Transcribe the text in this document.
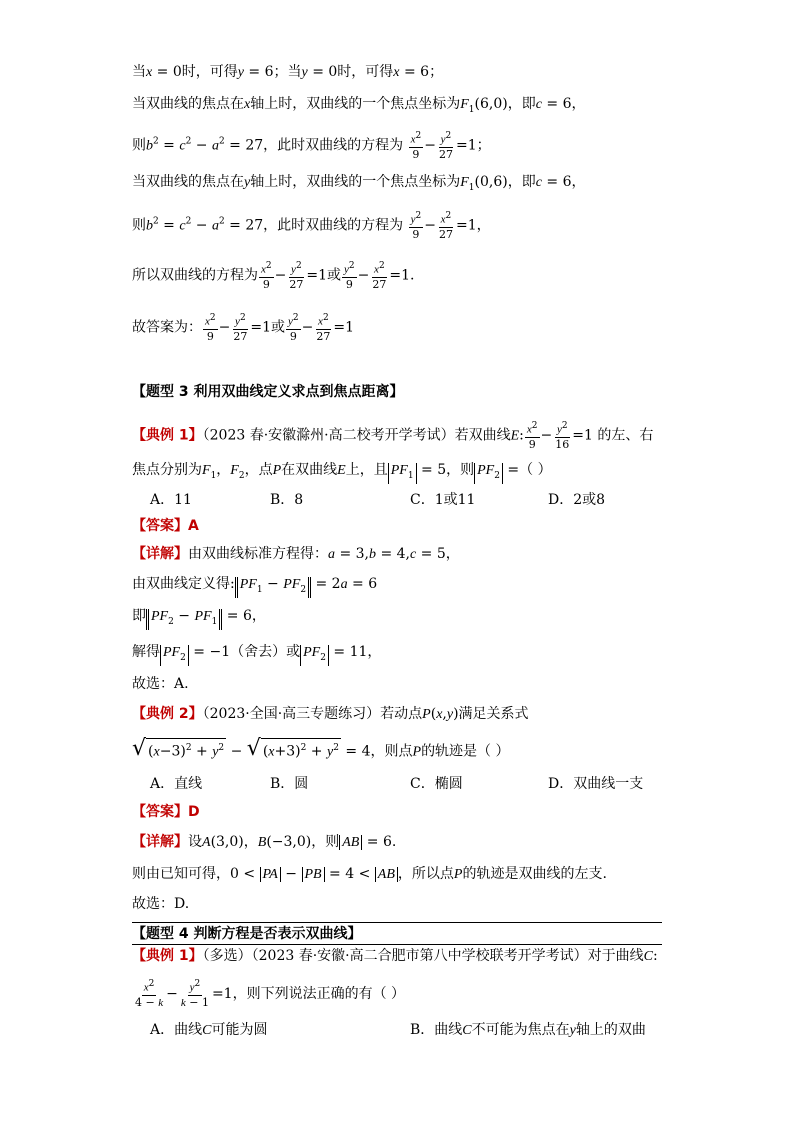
当x = 0时，可得y = 6；当y = 0时，可得x = 6；
当双曲线的焦点在x轴上时，双曲线的一个焦点坐标为$F_1(6,0)$，即c = 6，
则$b^2 = c^2 - a^2 = 27$，此时双曲线的方程为 $\frac{x^2}{9} - \frac{y^2}{27} =1$；
当双曲线的焦点在y轴上时，双曲线的一个焦点坐标为$F_1(0,6)$，即c = 6，
则$b^2 = c^2 - a^2 = 27$，此时双曲线的方程为 $\frac{y^2}{9} - \frac{x^2}{27} =1$，
所以双曲线的方程为 $\frac{x^2}{9} - \frac{y^2}{27} =1$或 $\frac{y^2}{9} - \frac{x^2}{27} =1$.
故答案为： $\frac{x^2}{9} - \frac{y^2}{27} =1$或 $\frac{y^2}{9} - \frac{x^2}{27} =1$
【题型 3 利用双曲线定义求点到焦点距离】
【典例 1】（2023 春·安徽滁州·高二校考开学考试）若双曲线E: $\frac{x^2}{9} - \frac{y^2}{16} =1$ 的左、右
焦点分别为$F_1$，$F_2$，点P在双曲线E上，且 $PF_1 = 5$，则 $PF_2$ =（ ）
A．11	B．8	C．1或11	D．2或8
【答案】A
【详解】由双曲线标准方程得：a = 3,b = 4,c = 5，
由双曲线定义得: $PF_1 - PF_2 = 2a = 6$
即 $PF_2 - PF_1 = 6$，
解得 $PF_2 = -1$（舍去）或 $PF_2 = 11$，
故选：A.
【典例 2】（2023·全国·高三专题练习）若动点P(x,y)满足关系式
√ $(x-3)^2 + y^2$ − √ $(x+3)^2 + y^2 = 4$，则点P的轨迹是（ ）
A．直线	B．圆	C．椭圆	D．双曲线一支
【答案】D
【详解】设A(3,0)，B(−3,0)，则 AB = 6.
则由已知可得，0 < PA − PB = 4 < AB ，所以点P的轨迹是双曲线的左支.
故选：D.
【题型 4 判断方程是否表示双曲线】
【典例 1】（多选）（2023 春·安徽·高二合肥市第八中学校联考开学考试）对于曲线C:
$\frac{x^2}{4 - k} - \frac{y^2}{k - 1} =1$，则下列说法正确的有（ ）
A．曲线C可能为圆	B．曲线C不可能为焦点在y轴上的双曲
